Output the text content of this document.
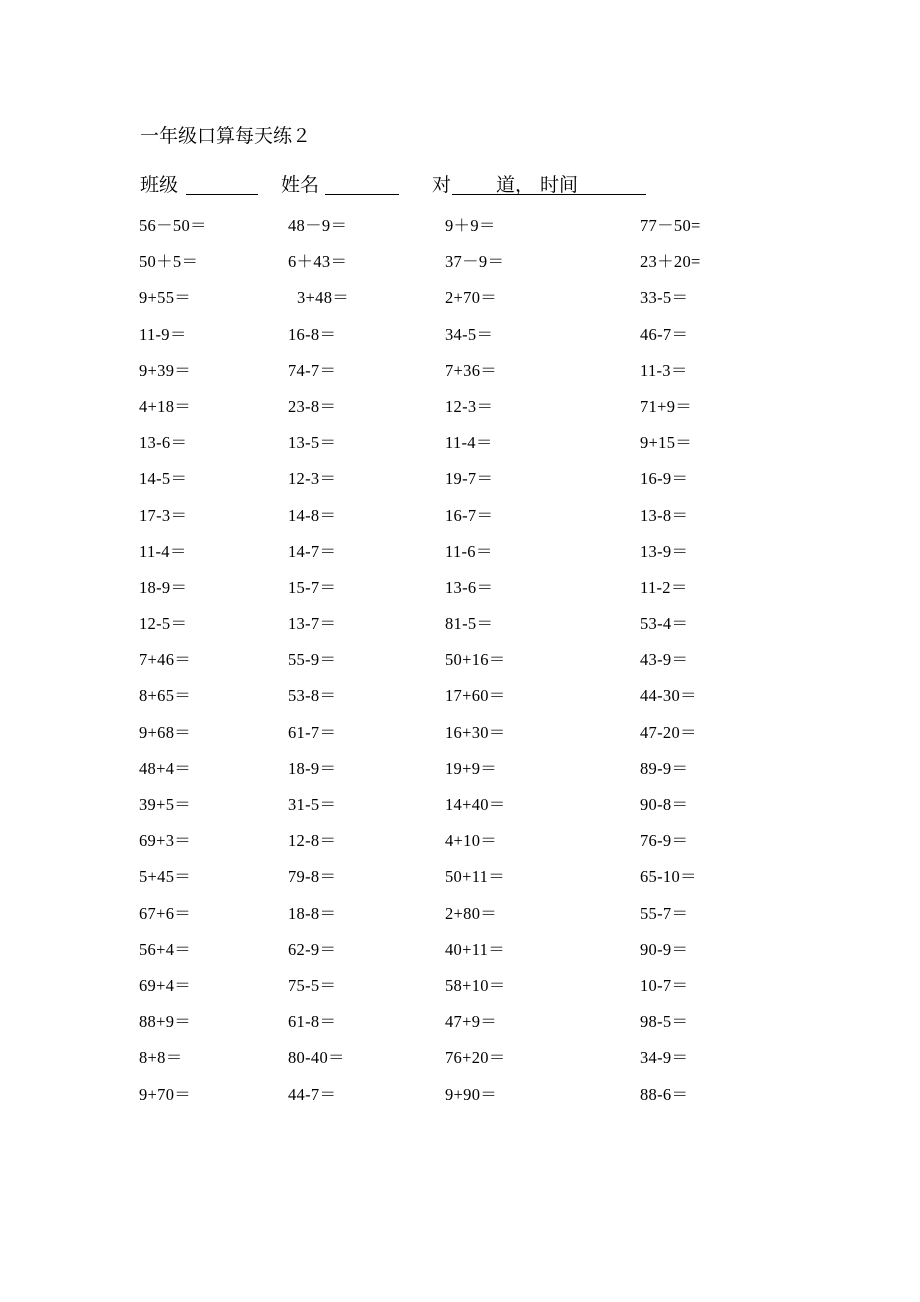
一年级口算每天练２
班级	姓名	对 道， 时间
56－50＝	48－9＝	9＋9＝	77－50=
50＋5＝	6＋43＝	37－9＝	23＋20=
9+55＝	3+48＝	2+70＝	33-5＝
11-9＝	16-8＝	34-5＝	46-7＝
9+39＝	74-7＝	7+36＝	11-3＝
4+18＝	23-8＝	12-3＝	71+9＝
13-6＝	13-5＝	11-4＝	9+15＝
14-5＝	12-3＝	19-7＝	16-9＝
17-3＝	14-8＝	16-7＝	13-8＝
11-4＝	14-7＝	11-6＝	13-9＝
18-9＝	15-7＝	13-6＝	11-2＝
12-5＝	13-7＝	81-5＝	53-4＝
7+46＝	55-9＝	50+16＝	43-9＝
8+65＝	53-8＝	17+60＝	44-30＝
9+68＝	61-7＝	16+30＝	47-20＝
48+4＝	18-9＝	19+9＝	89-9＝
39+5＝	31-5＝	14+40＝	90-8＝
69+3＝	12-8＝	4+10＝	76-9＝
5+45＝	79-8＝	50+11＝	65-10＝
67+6＝	18-8＝	2+80＝	55-7＝
56+4＝	62-9＝	40+11＝	90-9＝
69+4＝	75-5＝	58+10＝	10-7＝
88+9＝	61-8＝	47+9＝	98-5＝
8+8＝	80-40＝	76+20＝	34-9＝
9+70＝	44-7＝	9+90＝	88-6＝
